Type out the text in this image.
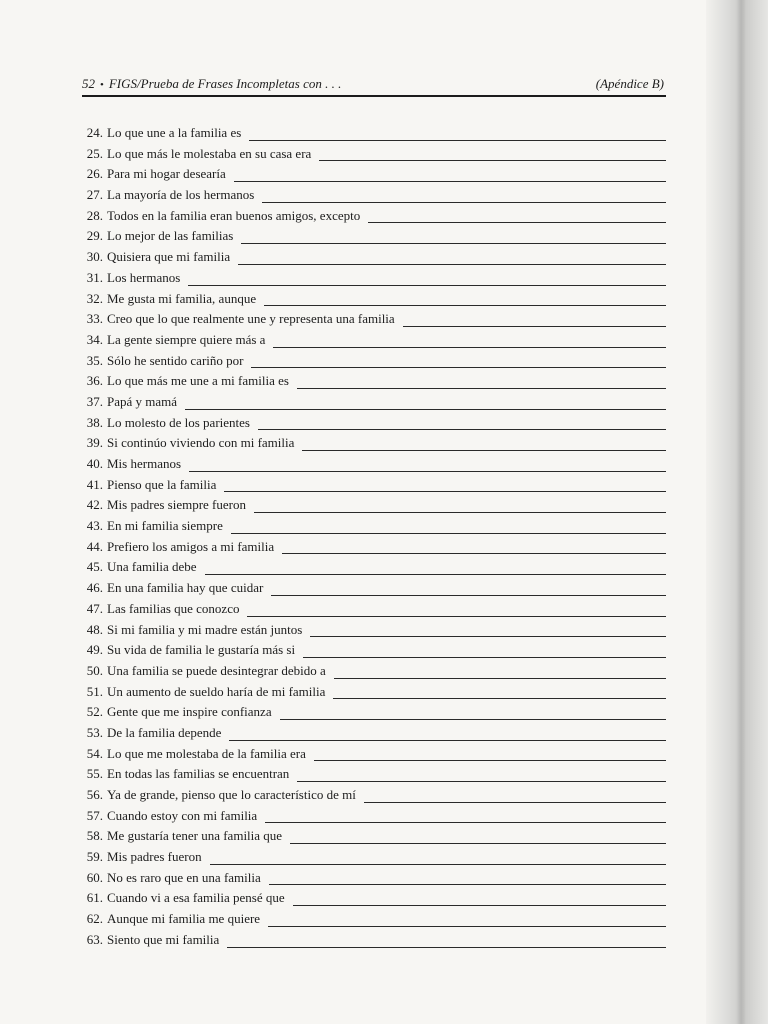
52 • FIGS/Prueba de Frases Incompletas con . . .	(Apéndice B)
24. Lo que une a la familia es
25. Lo que más le molestaba en su casa era
26. Para mi hogar desearía
27. La mayoría de los hermanos
28. Todos en la familia eran buenos amigos, excepto
29. Lo mejor de las familias
30. Quisiera que mi familia
31. Los hermanos
32. Me gusta mi familia, aunque
33. Creo que lo que realmente une y representa una familia
34. La gente siempre quiere más a
35. Sólo he sentido cariño por
36. Lo que más me une a mi familia es
37. Papá y mamá
38. Lo molesto de los parientes
39. Si continúo viviendo con mi familia
40. Mis hermanos
41. Pienso que la familia
42. Mis padres siempre fueron
43. En mi familia siempre
44. Prefiero los amigos a mi familia
45. Una familia debe
46. En una familia hay que cuidar
47. Las familias que conozco
48. Si mi familia y mi madre están juntos
49. Su vida de familia le gustaría más si
50. Una familia se puede desintegrar debido a
51. Un aumento de sueldo haría de mi familia
52. Gente que me inspire confianza
53. De la familia depende
54. Lo que me molestaba de la familia era
55. En todas las familias se encuentran
56. Ya de grande, pienso que lo característico de mí
57. Cuando estoy con mi familia
58. Me gustaría tener una familia que
59. Mis padres fueron
60. No es raro que en una familia
61. Cuando vi a esa familia pensé que
62. Aunque mi familia me quiere
63. Siento que mi familia
